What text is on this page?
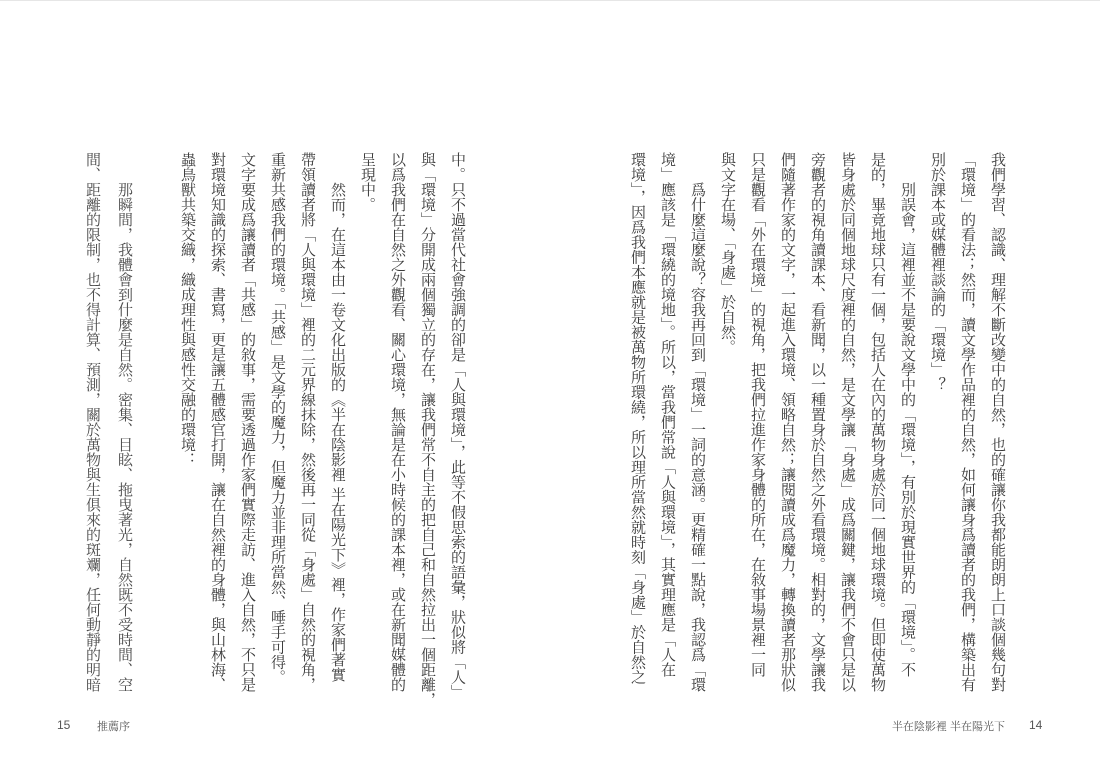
我們學習、認識、理解不斷改變中的自然，也的確讓你我都能朗朗上口談個幾句對
「環境」的看法；然而，讀文學作品裡的自然，如何讓身爲讀者的我們，構築出有
別於課本或媒體裡談論的「環境」？
　　別誤會，這裡並不是要說文學中的「環境」，有別於現實世界的「環境」。不
是的，畢竟地球只有一個，包括人在內的萬物身處於同一個地球環境。但即使萬物
皆身處於同個地球尺度裡的自然，是文學讓「身處」成爲關鍵，讓我們不會只是以
旁觀者的視角讀課本、看新聞，以一種置身於自然之外看環境。相對的，文學讓我
們隨著作家的文字，一起進入環境、領略自然；讓閱讀成爲魔力，轉換讀者那狀似
只是觀看「外在環境」的視角，把我們拉進作家身體的所在，在敘事場景裡一同
與文字在場、「身處」於自然。
　　爲什麼這麼說？容我再回到「環境」一詞的意涵。更精確一點說，我認爲「環
境」應該是「環繞的境地」。所以，當我們常說「人與環境」，其實理應是「人在
環境」，因爲我們本應就是被萬物所環繞，所以理所當然就時刻「身處」於自然之
中。只不過當代社會強調的卻是「人與環境」，此等不假思索的語彙，狀似將「人」
與「環境」分開成兩個獨立的存在，讓我們常不自主的把自己和自然拉出一個距離，
以爲我們在自然之外觀看、關心環境，無論是在小時候的課本裡，或在新聞媒體的
呈現中。
　　然而，在這本由一卷文化出版的《半在陰影裡 半在陽光下》裡，作家們著實
帶領讀者將「人與環境」裡的二元界線抹除，然後再一同從「身處」自然的視角，
重新共感我們的環境。「共感」是文學的魔力，但魔力並非理所當然、唾手可得。
文字要成爲讓讀者「共感」的敘事，需要透過作家們實際走訪、進入自然，不只是
對環境知識的探索、書寫，更是讓五體感官打開，讓在自然裡的身體，與山林海、
蟲鳥獸共築交織，織成理性與感性交融的環境：
　　那瞬間，我體會到什麼是自然。密集、目眩、拖曳著光，自然既不受時間、空
間、距離的限制，也不得計算、預測，關於萬物與生俱來的斑斕，任何動靜的明暗
15 推薦序	半在陰影裡 半在陽光下 14
